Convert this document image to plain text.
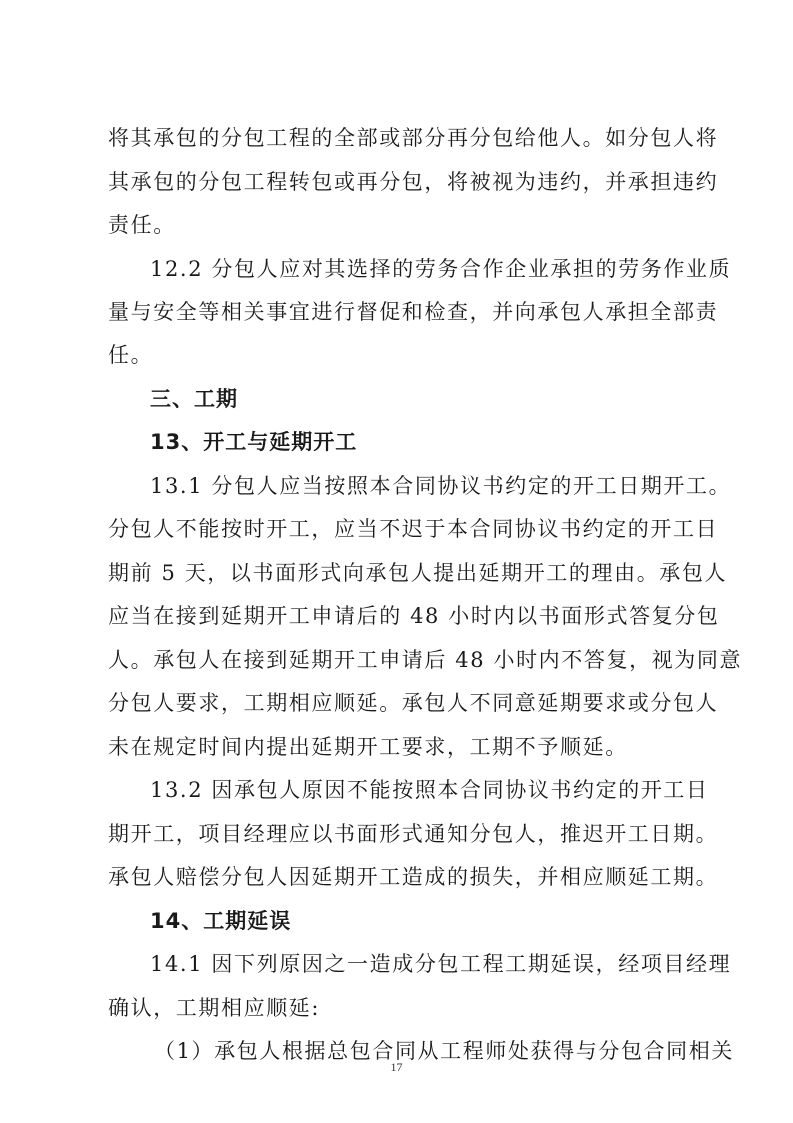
将其承包的分包工程的全部或部分再分包给他人。如分包人将
其承包的分包工程转包或再分包，将被视为违约，并承担违约
责任。
12.2 分包人应对其选择的劳务合作企业承担的劳务作业质
量与安全等相关事宜进行督促和检查，并向承包人承担全部责
任。
三、工期
13、开工与延期开工
13.1 分包人应当按照本合同协议书约定的开工日期开工。
分包人不能按时开工，应当不迟于本合同协议书约定的开工日
期前 5 天，以书面形式向承包人提出延期开工的理由。承包人
应当在接到延期开工申请后的 48 小时内以书面形式答复分包
人。承包人在接到延期开工申请后 48 小时内不答复，视为同意
分包人要求，工期相应顺延。承包人不同意延期要求或分包人
未在规定时间内提出延期开工要求，工期不予顺延。
13.2 因承包人原因不能按照本合同协议书约定的开工日
期开工，项目经理应以书面形式通知分包人，推迟开工日期。
承包人赔偿分包人因延期开工造成的损失，并相应顺延工期。
14、工期延误
14.1 因下列原因之一造成分包工程工期延误，经项目经理
确认，工期相应顺延:
（1）承包人根据总包合同从工程师处获得与分包合同相关
17
